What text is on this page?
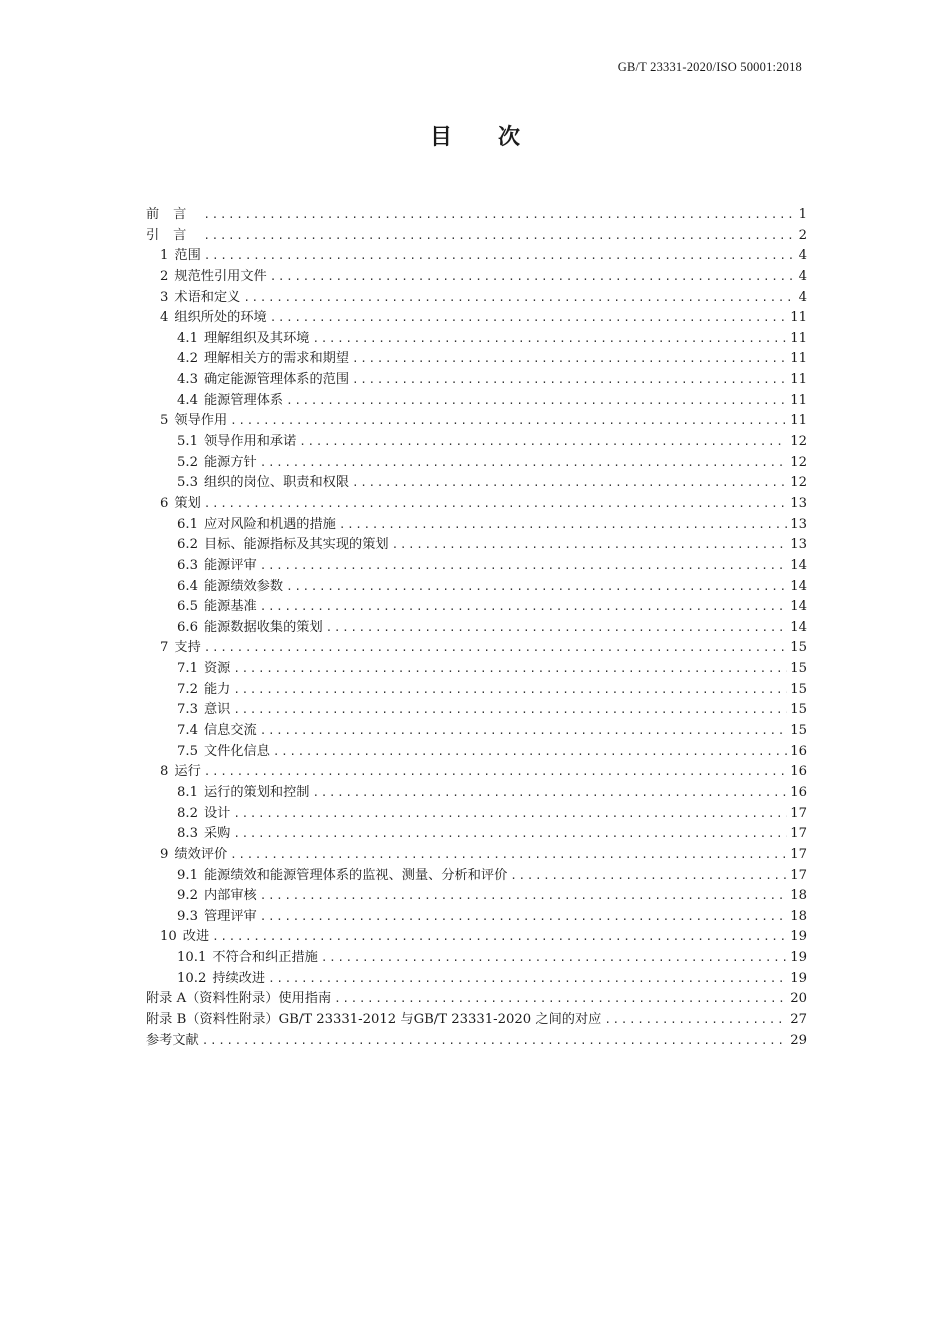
GB/T 23331-2020/ISO 50001:2018
目 次
前言 .....	1
引言 .....	2
1 范围 .....	4
2 规范性引用文件 .....	4
3 术语和定义 .....	4
4 组织所处的环境 .....	11
4.1 理解组织及其环境 .....	11
4.2 理解相关方的需求和期望 .....	11
4.3 确定能源管理体系的范围 .....	11
4.4 能源管理体系 .....	11
5 领导作用 .....	11
5.1 领导作用和承诺 .....	12
5.2 能源方针 .....	12
5.3 组织的岗位、职责和权限 .....	12
6 策划 .....	13
6.1 应对风险和机遇的措施 .....	13
6.2 目标、能源指标及其实现的策划 .....	13
6.3 能源评审 .....	14
6.4 能源绩效参数 .....	14
6.5 能源基准 .....	14
6.6 能源数据收集的策划 .....	14
7 支持 .....	15
7.1 资源 .....	15
7.2 能力 .....	15
7.3 意识 .....	15
7.4 信息交流 .....	15
7.5 文件化信息 .....	16
8 运行 .....	16
8.1 运行的策划和控制 .....	16
8.2 设计 .....	17
8.3 采购 .....	17
9 绩效评价 .....	17
9.1 能源绩效和能源管理体系的监视、测量、分析和评价 .....	17
9.2 内部审核 .....	18
9.3 管理评审 .....	18
10 改进 .....	19
10.1 不符合和纠正措施 .....	19
10.2 持续改进 .....	19
附录 A（资料性附录）使用指南 .....	20
附录 B（资料性附录）GB/T 23331-2012 与GB/T 23331-2020 之间的对应 .....	27
参考文献 .....	29
